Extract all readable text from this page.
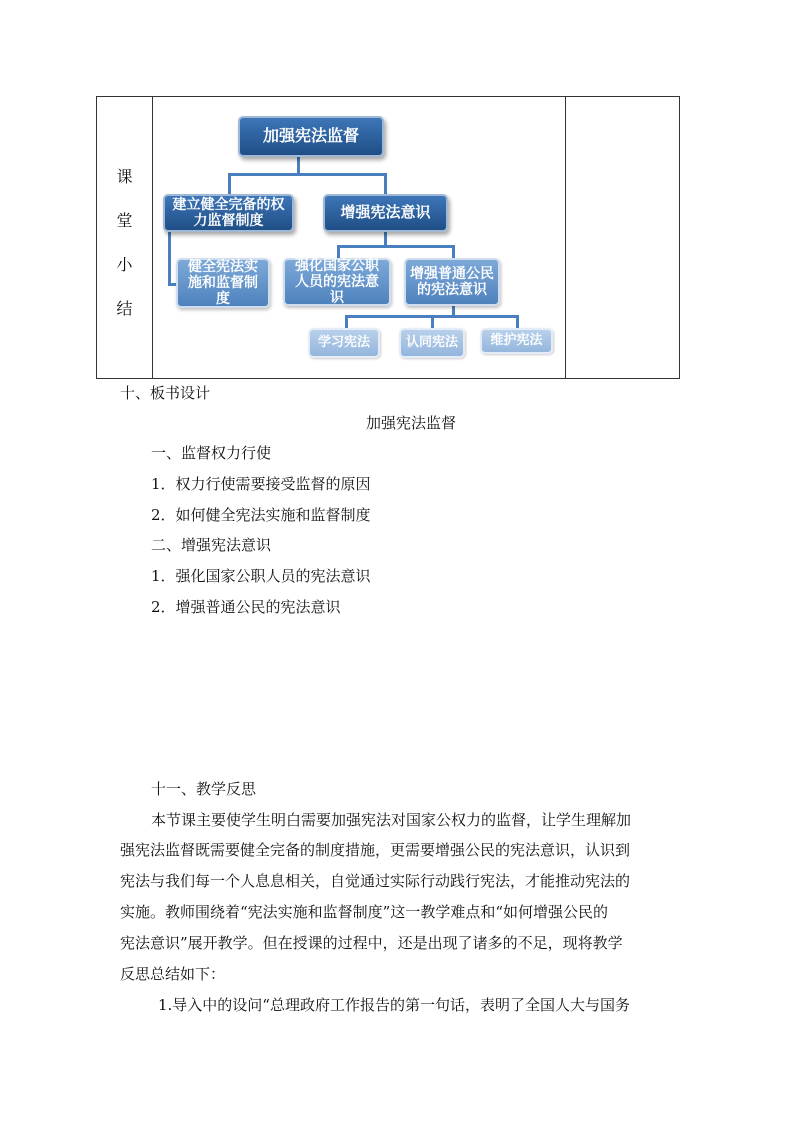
课
堂
小
结
加强宪法监督
建立健全完备的权力监督制度	增强宪法意识
健全宪法实施和监督制度
强化国家公职人员的宪法意识
增强普通公民的宪法意识
学习宪法	认同宪法 维护宪法
十、板书设计
加强宪法监督
一、监督权力行使
1．权力行使需要接受监督的原因
2．如何健全宪法实施和监督制度
二、增强宪法意识
1．强化国家公职人员的宪法意识
2．增强普通公民的宪法意识
十一、教学反思
本节课主要使学生明白需要加强宪法对国家公权力的监督，让学生理解加
强宪法监督既需要健全完备的制度措施，更需要增强公民的宪法意识，认识到
宪法与我们每一个人息息相关，自觉通过实际行动践行宪法，才能推动宪法的
实施。教师围绕着“宪法实施和监督制度”这一教学难点和“如何增强公民的
宪法意识”展开教学。但在授课的过程中，还是出现了诸多的不足，现将教学
反思总结如下：
1.导入中的设问“总理政府工作报告的第一句话，表明了全国人大与国务
